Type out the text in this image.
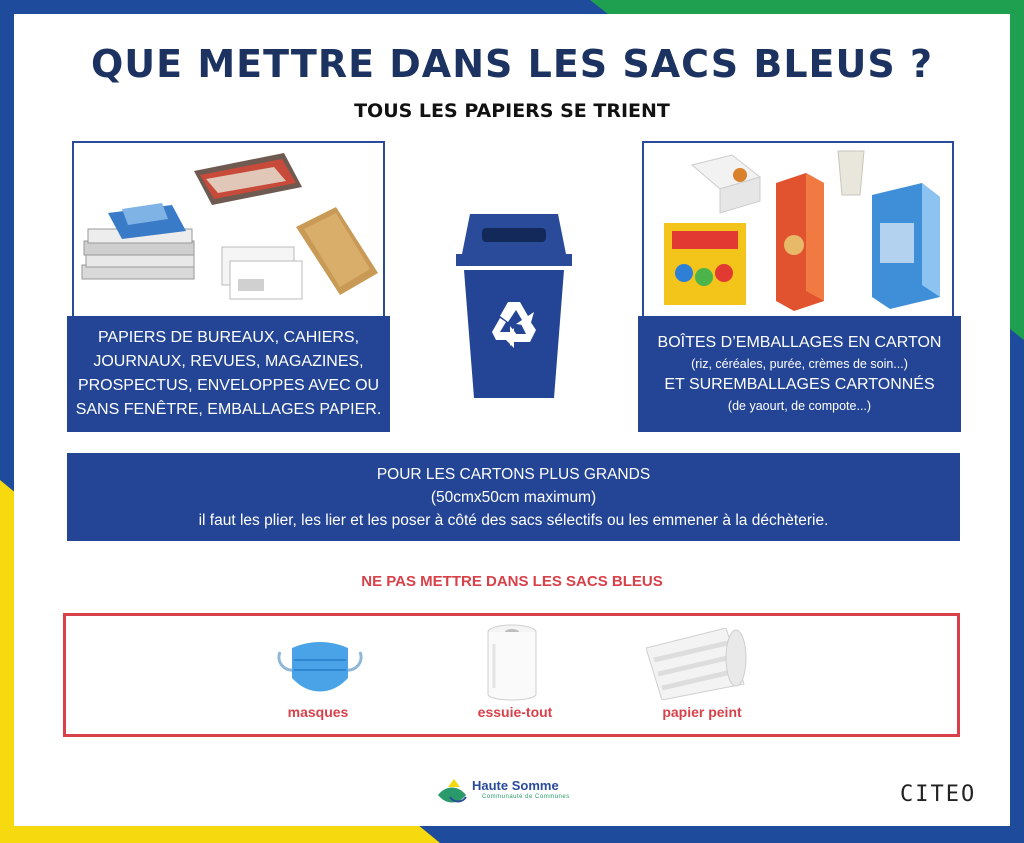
QUE METTRE DANS LES SACS BLEUS ?
TOUS LES PAPIERS SE TRIENT
PAPIERS DE BUREAUX, CAHIERS, JOURNAUX, REVUES, MAGAZINES, PROSPECTUS, ENVELOPPES AVEC OU SANS FENÊTRE, EMBALLAGES PAPIER.
BOÎTES D’EMBALLAGES EN CARTON
(riz, céréales, purée, crèmes de soin...)
ET SUREMBALLAGES CARTONNÉS
(de yaourt, de compote...)
POUR LES CARTONS PLUS GRANDS
(50cmx50cm maximum)
il faut les plier, les lier et les poser à côté des sacs sélectifs ou les emmener à la déchèterie.
NE PAS METTRE DANS LES SACS BLEUS
masques	essuie-tout	papier peint
Haute Somme
Communauté de Communes	CITEO
